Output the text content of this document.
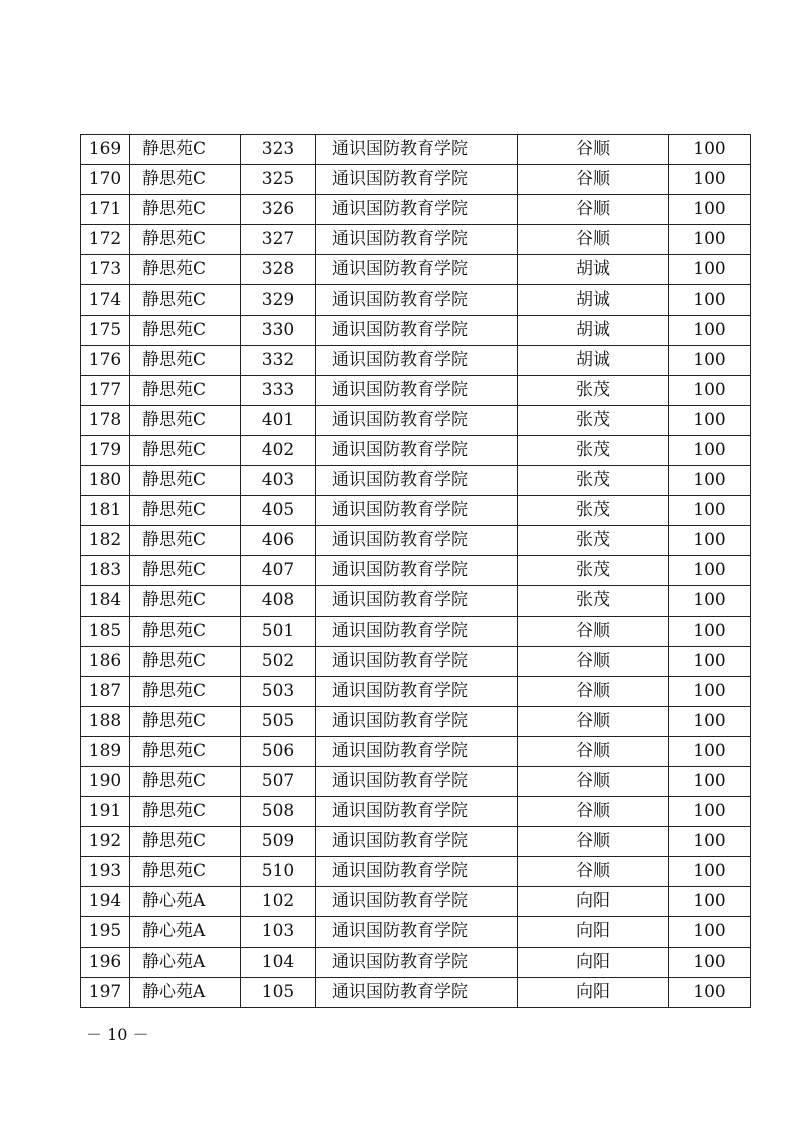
169	静思苑C	323	通识国防教育学院	谷顺	100
170	静思苑C	325	通识国防教育学院	谷顺	100
171	静思苑C	326	通识国防教育学院	谷顺	100
172	静思苑C	327	通识国防教育学院	谷顺	100
173	静思苑C	328	通识国防教育学院	胡诚	100
174	静思苑C	329	通识国防教育学院	胡诚	100
175	静思苑C	330	通识国防教育学院	胡诚	100
176	静思苑C	332	通识国防教育学院	胡诚	100
177	静思苑C	333	通识国防教育学院	张茂	100
178	静思苑C	401	通识国防教育学院	张茂	100
179	静思苑C	402	通识国防教育学院	张茂	100
180	静思苑C	403	通识国防教育学院	张茂	100
181	静思苑C	405	通识国防教育学院	张茂	100
182	静思苑C	406	通识国防教育学院	张茂	100
183	静思苑C	407	通识国防教育学院	张茂	100
184	静思苑C	408	通识国防教育学院	张茂	100
185	静思苑C	501	通识国防教育学院	谷顺	100
186	静思苑C	502	通识国防教育学院	谷顺	100
187	静思苑C	503	通识国防教育学院	谷顺	100
188	静思苑C	505	通识国防教育学院	谷顺	100
189	静思苑C	506	通识国防教育学院	谷顺	100
190	静思苑C	507	通识国防教育学院	谷顺	100
191	静思苑C	508	通识国防教育学院	谷顺	100
192	静思苑C	509	通识国防教育学院	谷顺	100
193	静思苑C	510	通识国防教育学院	谷顺	100
194	静心苑A	102	通识国防教育学院	向阳	100
195	静心苑A	103	通识国防教育学院	向阳	100
196	静心苑A	104	通识国防教育学院	向阳	100
197	静心苑A	105	通识国防教育学院	向阳	100
－ 10 －
